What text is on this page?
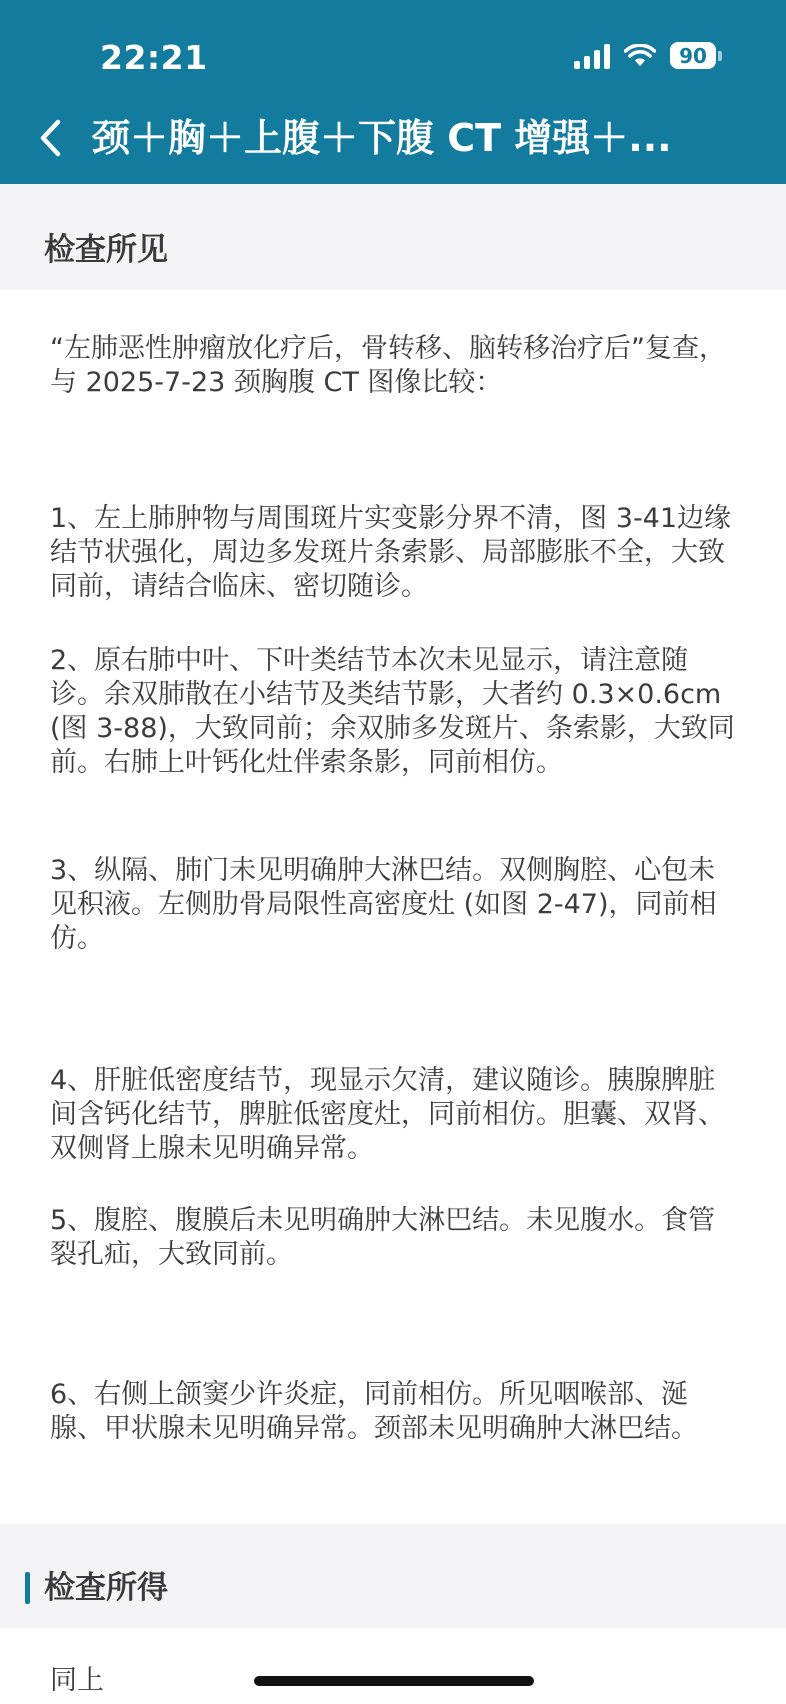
22:21	90
颈＋胸＋上腹＋下腹 CT 增强＋...
检查所见

“左肺恶性肿瘤放化疗后，骨转移、脑转移治疗后”复查，与 2025-7-23 颈胸腹 CT 图像比较：

1、左上肺肿物与周围斑片实变影分界不清，图 3-41边缘结节状强化，周边多发斑片条索影、局部膨胀不全，大致同前，请结合临床、密切随诊。

2、原右肺中叶、下叶类结节本次未见显示，请注意随诊。余双肺散在小结节及类结节影，大者约 0.3×0.6cm (图 3-88)，大致同前；余双肺多发斑片、条索影，大致同前。右肺上叶钙化灶伴索条影，同前相仿。

3、纵隔、肺门未见明确肿大淋巴结。双侧胸腔、心包未见积液。左侧肋骨局限性高密度灶 (如图 2-47)，同前相仿。

4、肝脏低密度结节，现显示欠清，建议随诊。胰腺脾脏间含钙化结节，脾脏低密度灶，同前相仿。胆囊、双肾、双侧肾上腺未见明确异常。

5、腹腔、腹膜后未见明确肿大淋巴结。未见腹水。食管裂孔疝，大致同前。

6、右侧上颌窦少许炎症，同前相仿。所见咽喉部、涎腺、甲状腺未见明确异常。颈部未见明确肿大淋巴结。

检查所得

同上
